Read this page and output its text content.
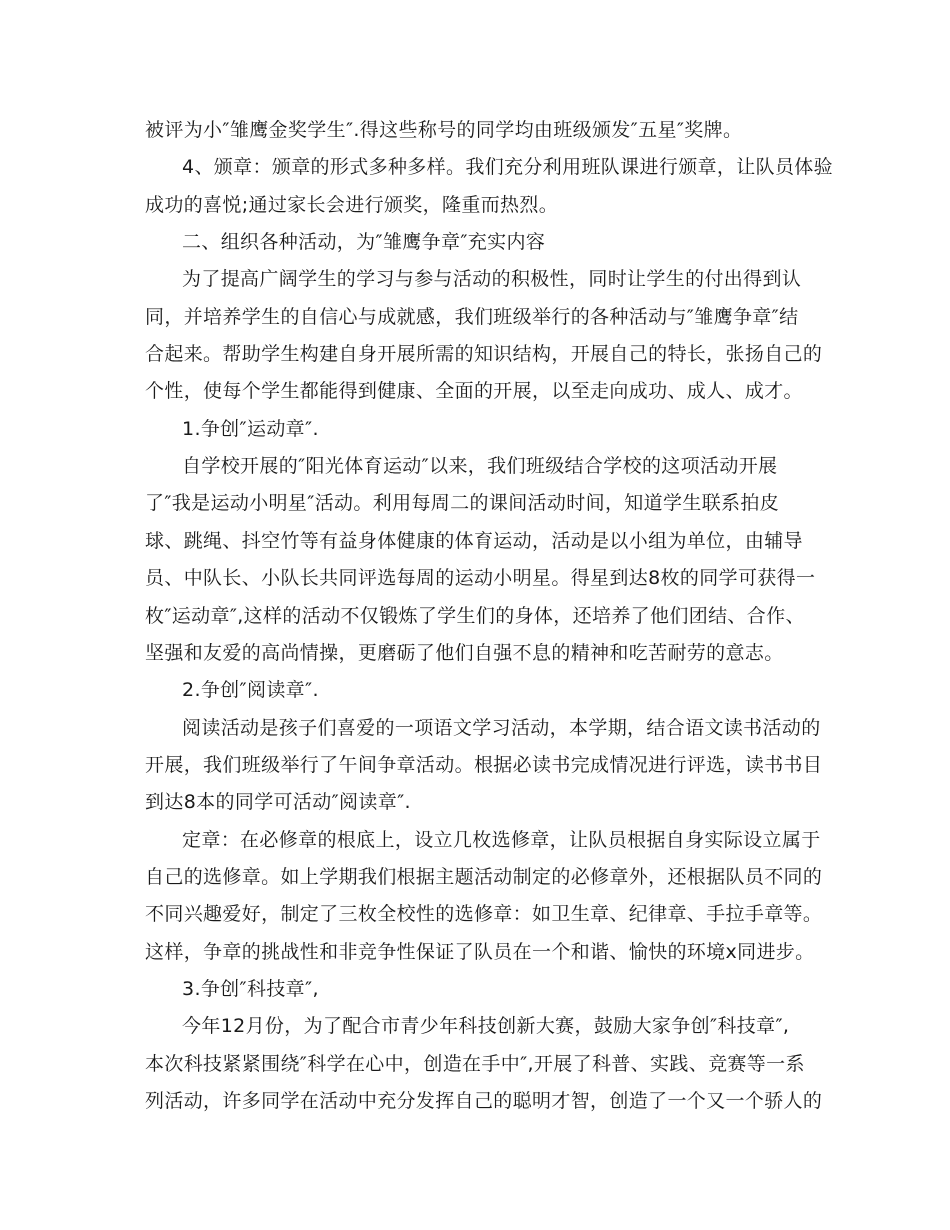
被评为小″雏鹰金奖学生″.得这些称号的同学均由班级颁发″五星″奖牌。
4、颁章：颁章的形式多种多样。我们充分利用班队课进行颁章，让队员体验
成功的喜悦;通过家长会进行颁奖，隆重而热烈。
二、组织各种活动，为″雏鹰争章″充实内容
为了提高广阔学生的学习与参与活动的积极性，同时让学生的付出得到认
同，并培养学生的自信心与成就感，我们班级举行的各种活动与″雏鹰争章″结
合起来。帮助学生构建自身开展所需的知识结构，开展自己的特长，张扬自己的
个性，使每个学生都能得到健康、全面的开展，以至走向成功、成人、成才。
1.争创″运动章″.
自学校开展的″阳光体育运动″以来，我们班级结合学校的这项活动开展
了″我是运动小明星″活动。利用每周二的课间活动时间，知道学生联系拍皮
球、跳绳、抖空竹等有益身体健康的体育运动，活动是以小组为单位，由辅导
员、中队长、小队长共同评选每周的运动小明星。得星到达8枚的同学可获得一
枚″运动章″,这样的活动不仅锻炼了学生们的身体，还培养了他们团结、合作、
坚强和友爱的高尚情操，更磨砺了他们自强不息的精神和吃苦耐劳的意志。
2.争创″阅读章″.
阅读活动是孩子们喜爱的一项语文学习活动，本学期，结合语文读书活动的
开展，我们班级举行了午间争章活动。根据必读书完成情况进行评选，读书书目
到达8本的同学可活动″阅读章″.
定章：在必修章的根底上，设立几枚选修章，让队员根据自身实际设立属于
自己的选修章。如上学期我们根据主题活动制定的必修章外，还根据队员不同的
不同兴趣爱好，制定了三枚全校性的选修章：如卫生章、纪律章、手拉手章等。
这样，争章的挑战性和非竞争性保证了队员在一个和谐、愉快的环境x同进步。
3.争创″科技章″,
今年12月份，为了配合市青少年科技创新大赛，鼓励大家争创″科技章″,
本次科技紧紧围绕″科学在心中，创造在手中″,开展了科普、实践、竞赛等一系
列活动，许多同学在活动中充分发挥自己的聪明才智，创造了一个又一个骄人的
